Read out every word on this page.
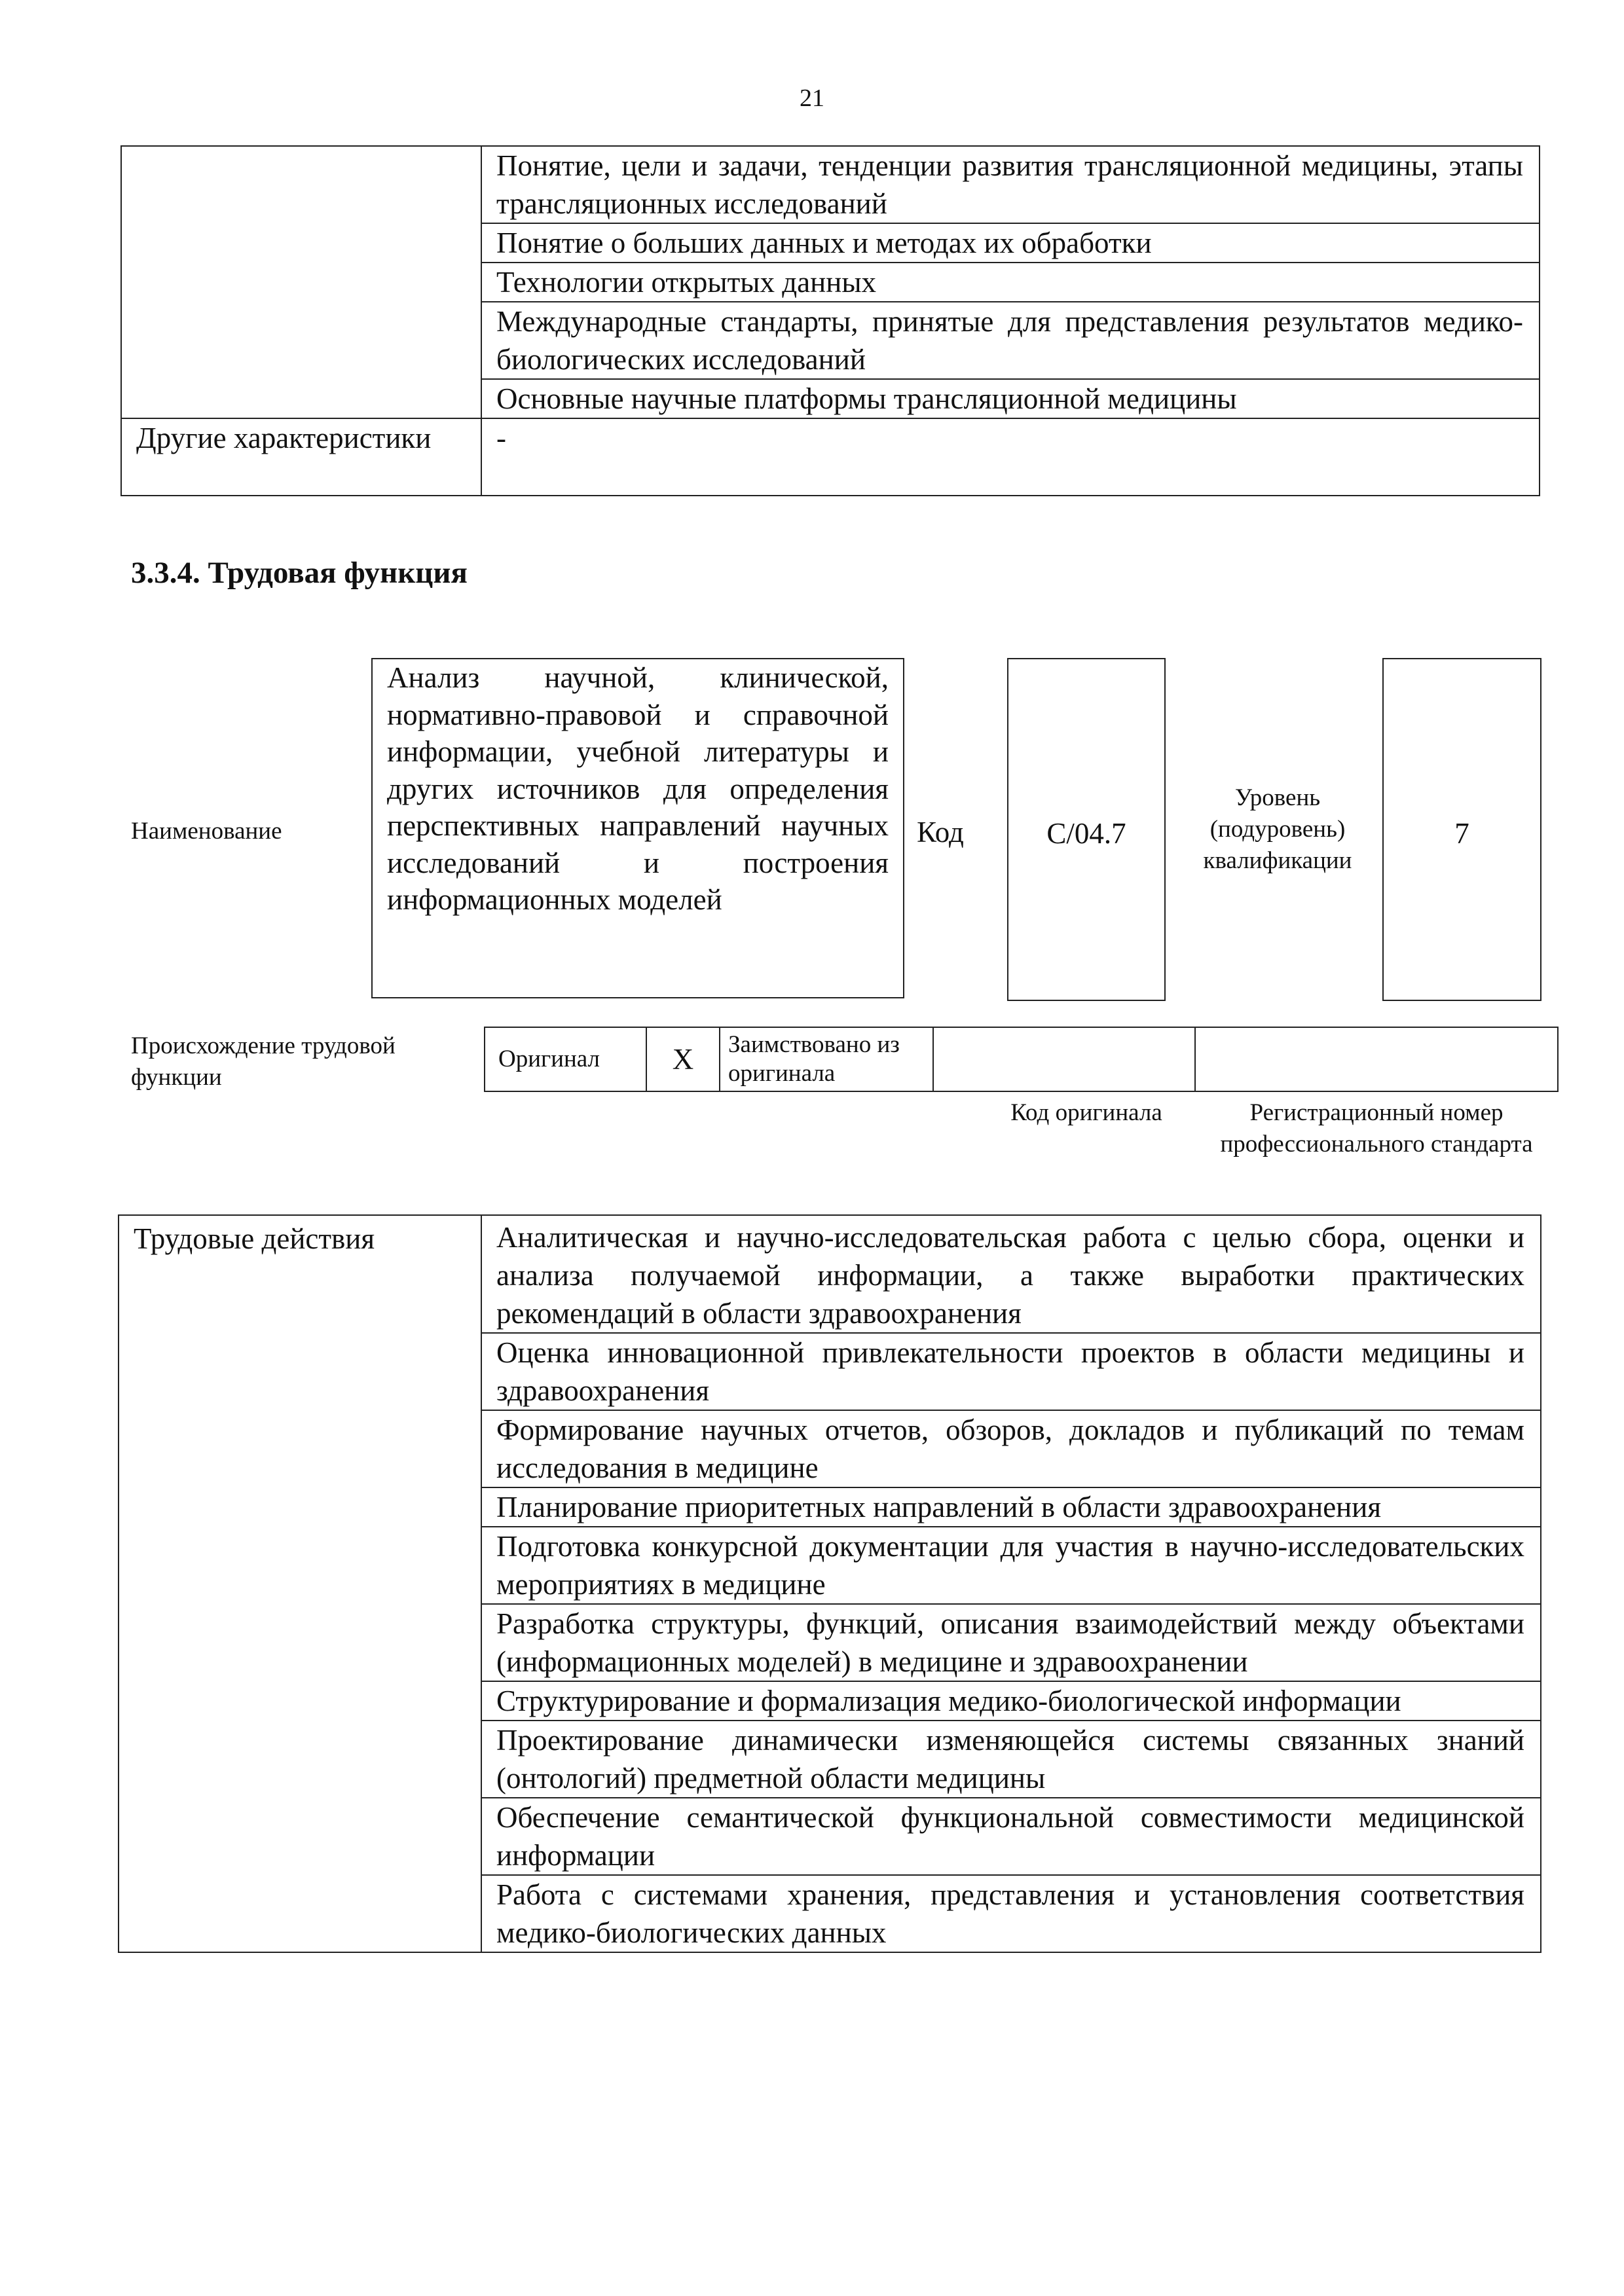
21
	Понятие, цели и задачи, тенденции развития трансляционной медицины, этапы трансляционных исследований
	Понятие о больших данных и методах их обработки
	Технологии открытых данных
	Международные стандарты, принятые для представления результатов медико-биологических исследований
	Основные научные платформы трансляционной медицины
Другие характеристики	-
3.3.4. Трудовая функция
Наименование
Анализ научной, клинической, нормативно-правовой и справочной информации, учебной литературы и других источников для определения перспективных направлений научных исследований и построения информационных моделей
Код	C/04.7
Уровень (подуровень) квалификации
7
Происхождение трудовой функции
Оригинал	X	Заимствовано из оригинала		
Код оригинала	Регистрационный номер профессионального стандарта
Трудовые действия	Аналитическая и научно-исследовательская работа с целью сбора, оценки и анализа получаемой информации, а также выработки практических рекомендаций в области здравоохранения
Оценка инновационной привлекательности проектов в области медицины и здравоохранения
Формирование научных отчетов, обзоров, докладов и публикаций по темам исследования в медицине
Планирование приоритетных направлений в области здравоохранения
Подготовка конкурсной документации для участия в научно-исследовательских мероприятиях в медицине
Разработка структуры, функций, описания взаимодействий между объектами (информационных моделей) в медицине и здравоохранении
Структурирование и формализация медико-биологической информации
Проектирование динамически изменяющейся системы связанных знаний (онтологий) предметной области медицины
Обеспечение семантической функциональной совместимости медицинской информации
Работа с системами хранения, представления и установления соответствия медико-биологических данных
